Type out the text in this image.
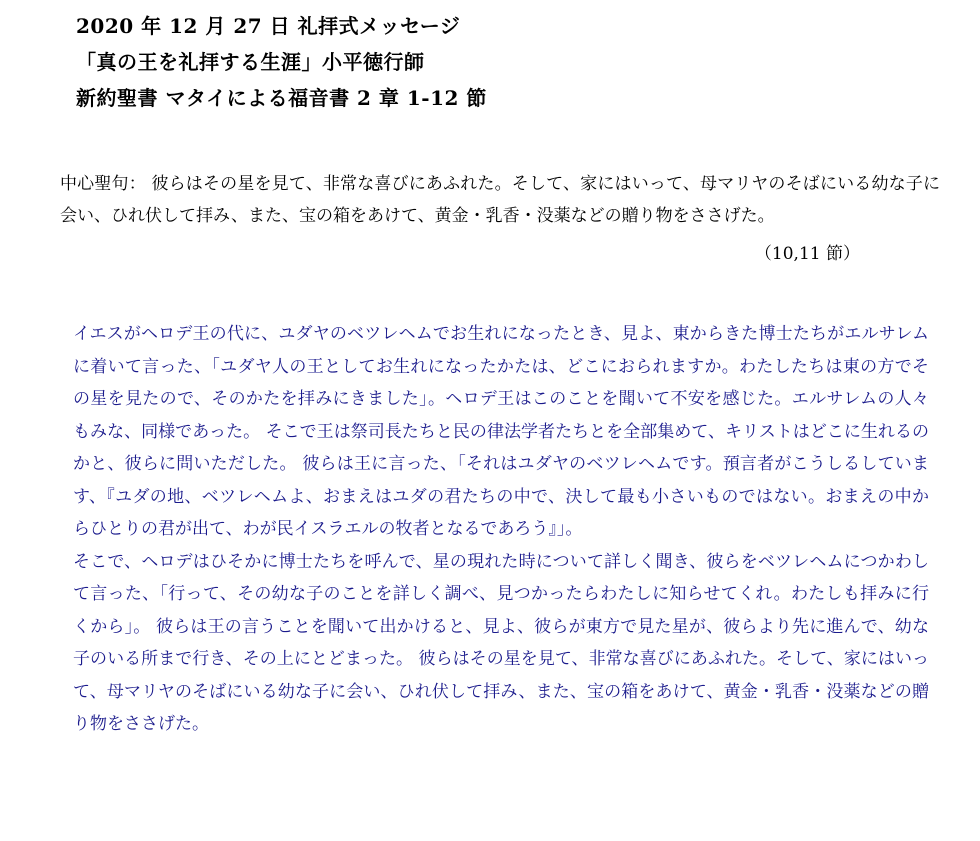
2020 年 12 月 27 日 礼拝式メッセージ
「真の王を礼拝する生涯」小平徳行師
新約聖書 マタイによる福音書 2 章 1-12 節
中心聖句： 彼らはその星を見て、非常な喜びにあふれた。そして、家にはいって、母マリヤのそばにいる幼な子に会い、ひれ伏して拝み、また、宝の箱をあけて、黄金・乳香・没薬などの贈り物をささげた。
（10,11 節）

イエスがヘロデ王の代に、ユダヤのベツレヘムでお生れになったとき、見よ、東からきた博士たちがエルサレムに着いて言った、「ユダヤ人の王としてお生れになったかたは、どこにおられますか。わたしたちは東の方でその星を見たので、そのかたを拝みにきました」。ヘロデ王はこのことを聞いて不安を感じた。エルサレムの人々もみな、同様であった。 そこで王は祭司長たちと民の律法学者たちとを全部集めて、キリストはどこに生れるのかと、彼らに問いただした。 彼らは王に言った、「それはユダヤのベツレヘムです。預言者がこうしるしています、『ユダの地、ベツレヘムよ、おまえはユダの君たちの中で、決して最も小さいものではない。おまえの中からひとりの君が出て、わが民イスラエルの牧者となるであろう』」。

そこで、ヘロデはひそかに博士たちを呼んで、星の現れた時について詳しく聞き、彼らをベツレヘムにつかわして言った、「行って、その幼な子のことを詳しく調べ、見つかったらわたしに知らせてくれ。わたしも拝みに行くから」。 彼らは王の言うことを聞いて出かけると、見よ、彼らが東方で見た星が、彼らより先に進んで、幼な子のいる所まで行き、その上にとどまった。 彼らはその星を見て、非常な喜びにあふれた。そして、家にはいって、母マリヤのそばにいる幼な子に会い、ひれ伏して拝み、また、宝の箱をあけて、黄金・乳香・没薬などの贈り物をささげた。
